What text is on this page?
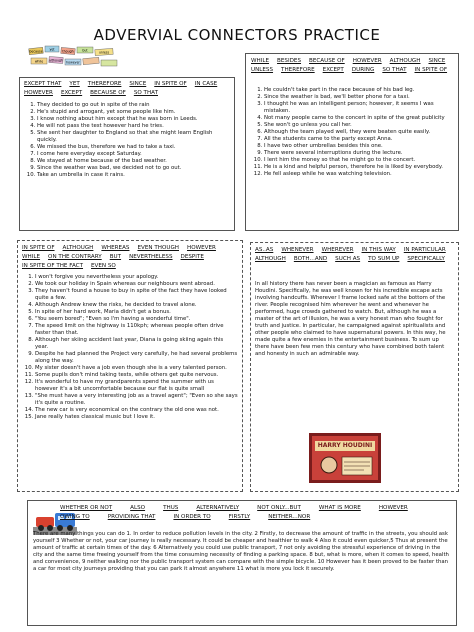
ADVERVIAL CONNECTORS PRACTICE
because yet though	but	unless
while although however
EXCEPT THAT YET THEREFORE SINCE IN SPITE OF IN CASE
HOWEVER EXCEPT BECAUSE OF SO THAT
1. They decided to go out in spite of the rain
2. He's stupid and arrogant, yet some people like him.
3. I know nothing about him except that he was born in Leeds.
4. He will not pass the test however hard he tries.
5. She sent her daughter to England so that she might learn English quickly.
6. We missed the bus, therefore we had to take a taxi.
7. I come here everyday except Saturday.
8. We stayed at home because of the bad weather.
9. Since the weather was bad, we decided not to go out.
10. Take an umbrella in case it rains.
WHILE BESIDES BECAUSE OF HOWEVER ALTHOUGH SINCE
UNLESS THEREFORE EXCEPT DURING SO THAT IN SPITE OF
1. He couldn't take part in the race because of his bad leg.
2. Since the weather is bad, we'll better phone for a taxi.
3. I thought he was an intelligent person; however, it seems I was mistaken.
4. Not many people came to the concert in spite of the great publicity
5. She won't go unless you call her.
6. Although the team played well, they were beaten quite easily.
7. All the students came to the party except Anna.
8. I have two other umbrellas besides this one.
9. There were several interruptions during the lecture.
10. I lent him the money so that he might go to the concert.
11. He is a kind and helpful person, therefore he is liked by everybody.
12. He fell asleep while he was watching television.
IN SPITE OF ALTHOUGH WHEREAS EVEN THOUGH HOWEVER
WHILE ON THE CONTRARY BUT NEVERTHELESS DESPITE
IN SPITE OF THE FACT EVEN SO
1. I won't forgive you nevertheless your apology.
2. We took our holiday in Spain whereas our neighbours went abroad.
3. They haven't found a house to buy in spite of the fact they have looked quite a few.
4. Although Andrew knew the risks, he decided to travel alone.
5. In spite of her hard work, Maria didn't get a bonus.
6. "You seem bored"; "Even so I'm having a wonderful time".
7. The speed limit on the highway is 110kph; whereas people often drive faster than that.
8. Although her skiing accident last year, Diana is going skiing again this year.
9. Despite he had planned the Project very carefully, he had several problems along the way.
10. My sister doesn't have a job even though she is a very talented person.
11. Some pupils don't mind taking tests, while others get quite nervous.
12. It's wonderful to have my grandparents spend the summer with us however it's a bit uncomfortable because our flat is quite small
13. "She must have a very interesting job as a travel agent"; "Even so she says it's quite a routine.
14. The new car is very economical on the contrary the old one was not.
15. Jane really hates classical music but I love it.
AS..AS WHENEVER WHEREVER IN THIS WAY IN PARTICULAR
ALTHOUGH BOTH...AND SUCH AS TO SUM UP SPECIFICALLY

In all history there has never been a magician as famous as Harry Houdini. Specifically, he was well known for his incredible escape acts involving handcuffs. Wherever I frame locked safe at the bottom of the river. People recognised him wherever he went and whenever he performed, huge crowds gathered to watch. But, although he was a master of the art of illusion, he was a very honest man who fought for truth and justice. In particular, he campaigned against spiritualists and other people who claimed to have supernatural powers. In this way, he made quite a few enemies in the entertainment business. To sum up there have been few men this century who have combined both talent and honesty in such an admirable way.

HARRY HOUDINI
WHETHER OR NOT	ALSO	THUS	ALTERNATIVELY	NOT ONLY...BUT	WHAT IS MORE	HOWEVER
OWING TO	PROVIDING THAT	IN ORDER TO	FIRSTLY	NEITHER...NOR

There are many things you can do 1. In order to reduce pollution levels in the city. 2 Firstly, to decrease the amount of traffic in the streets, you should ask yourself 3 Whether or not, your car journey is really necessary. It could be cheaper and healthier to walk 4 Also it could even quicker,5 Thus at present the amount of traffic at certain times of the day. 6 Alternatively you could use public transport, 7 not only avoiding the stressful experience of driving in the city and the same time freeing yourself from the time consuming necessity of finding a parking space. 8 but, what is more, when it comes to speed, health and convenience, 9 neither walking nor the public transport system can compare with the simple bicycle. 10 However has it been proved to be faster than a car for most city journeys providing that you can park it almost anywhere 11 what is more you lock it securely.
